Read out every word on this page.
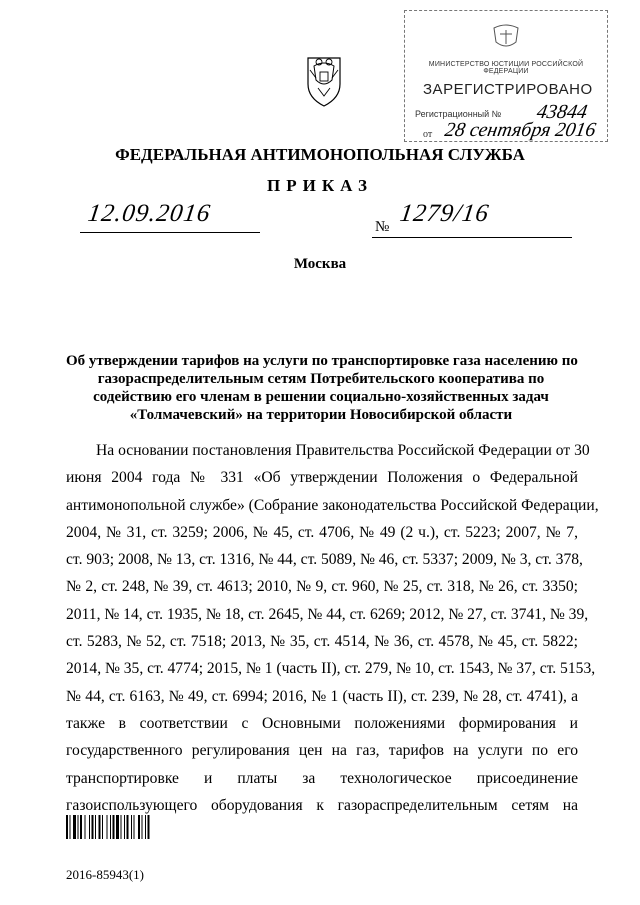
МИНИСТЕРСТВО ЮСТИЦИИ РОССИЙСКОЙ ФЕДЕРАЦИИ
ЗАРЕГИСТРИРОВАНО
Регистрационный № 43844
от 28 сентября 2016
ФЕДЕРАЛЬНАЯ АНТИМОНОПОЛЬНАЯ СЛУЖБА
ПРИКАЗ
12.09.2016	№ 1279/16
Москва
Об утверждении тарифов на услуги по транспортировке газа населению по
газораспределительным сетям Потребительского кооператива по
содействию его членам в решении социально-хозяйственных задач
«Толмачевский» на территории Новосибирской области
На основании постановления Правительства Российской Федерации от 30
июня 2004 года № 331 «Об утверждении Положения о Федеральной
антимонопольной службе» (Собрание законодательства Российской Федерации,
2004, № 31, ст. 3259; 2006, № 45, ст. 4706, № 49 (2 ч.), ст. 5223; 2007, № 7,
ст. 903; 2008, № 13, ст. 1316, № 44, ст. 5089, № 46, ст. 5337; 2009, № 3, ст. 378,
№ 2, ст. 248, № 39, ст. 4613; 2010, № 9, ст. 960, № 25, ст. 318, № 26, ст. 3350;
2011, № 14, ст. 1935, № 18, ст. 2645, № 44, ст. 6269; 2012, № 27, ст. 3741, № 39,
ст. 5283, № 52, ст. 7518; 2013, № 35, ст. 4514, № 36, ст. 4578, № 45, ст. 5822;
2014, № 35, ст. 4774; 2015, № 1 (часть II), ст. 279, № 10, ст. 1543, № 37, ст. 5153,
№ 44, ст. 6163, № 49, ст. 6994; 2016, № 1 (часть II), ст. 239, № 28, ст. 4741), а
также в соответствии с Основными положениями формирования и
государственного регулирования цен на газ, тарифов на услуги по его
транспортировке и платы за технологическое присоединение
газоиспользующего оборудования к газораспределительным сетям на
2016-85943(1)
